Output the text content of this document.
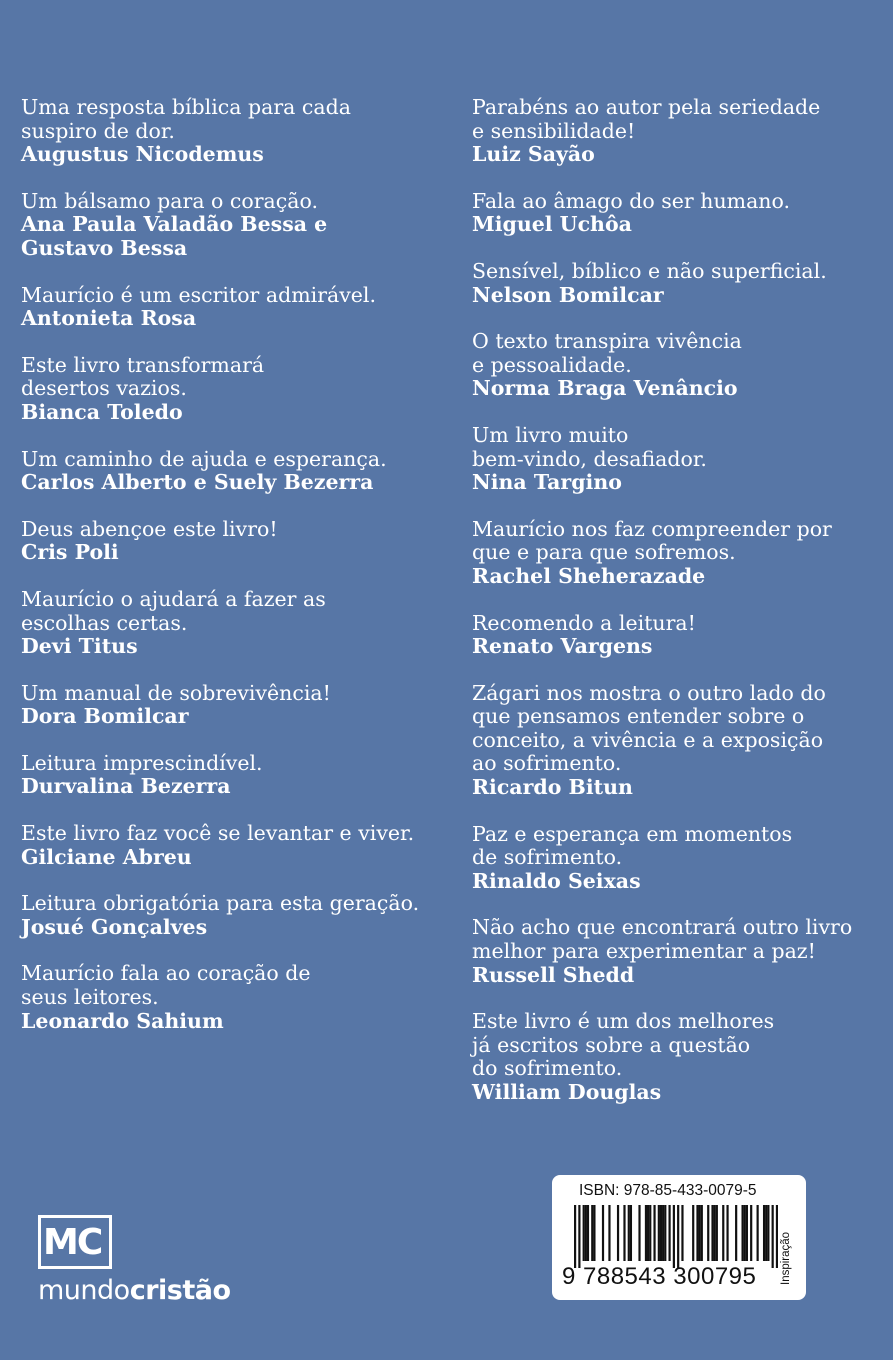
Uma resposta bíblica para cada
suspiro de dor.
Augustus Nicodemus
Um bálsamo para o coração.
Ana Paula Valadão Bessa e
Gustavo Bessa
Maurício é um escritor admirável.
Antonieta Rosa
Este livro transformará
desertos vazios.
Bianca Toledo
Um caminho de ajuda e esperança.
Carlos Alberto e Suely Bezerra
Deus abençoe este livro!
Cris Poli
Maurício o ajudará a fazer as
escolhas certas.
Devi Titus
Um manual de sobrevivência!
Dora Bomilcar
Leitura imprescindível.
Durvalina Bezerra
Este livro faz você se levantar e viver.
Gilciane Abreu
Leitura obrigatória para esta geração.
Josué Gonçalves
Maurício fala ao coração de
seus leitores.
Leonardo Sahium
Parabéns ao autor pela seriedade
e sensibilidade!
Luiz Sayão
Fala ao âmago do ser humano.
Miguel Uchôa
Sensível, bíblico e não superficial.
Nelson Bomilcar
O texto transpira vivência
e pessoalidade.
Norma Braga Venâncio
Um livro muito
bem-vindo, desafiador.
Nina Targino
Maurício nos faz compreender por
que e para que sofremos.
Rachel Sheherazade
Recomendo a leitura!
Renato Vargens
Zágari nos mostra o outro lado do
que pensamos entender sobre o
conceito, a vivência e a exposição
ao sofrimento.
Ricardo Bitun
Paz e esperança em momentos
de sofrimento.
Rinaldo Seixas
Não acho que encontrará outro livro
melhor para experimentar a paz!
Russell Shedd
Este livro é um dos melhores
já escritos sobre a questão
do sofrimento.
William Douglas
MC
mundocristão
ISBN: 978-85-433-0079-5
9 788543 300795 Inspiração
